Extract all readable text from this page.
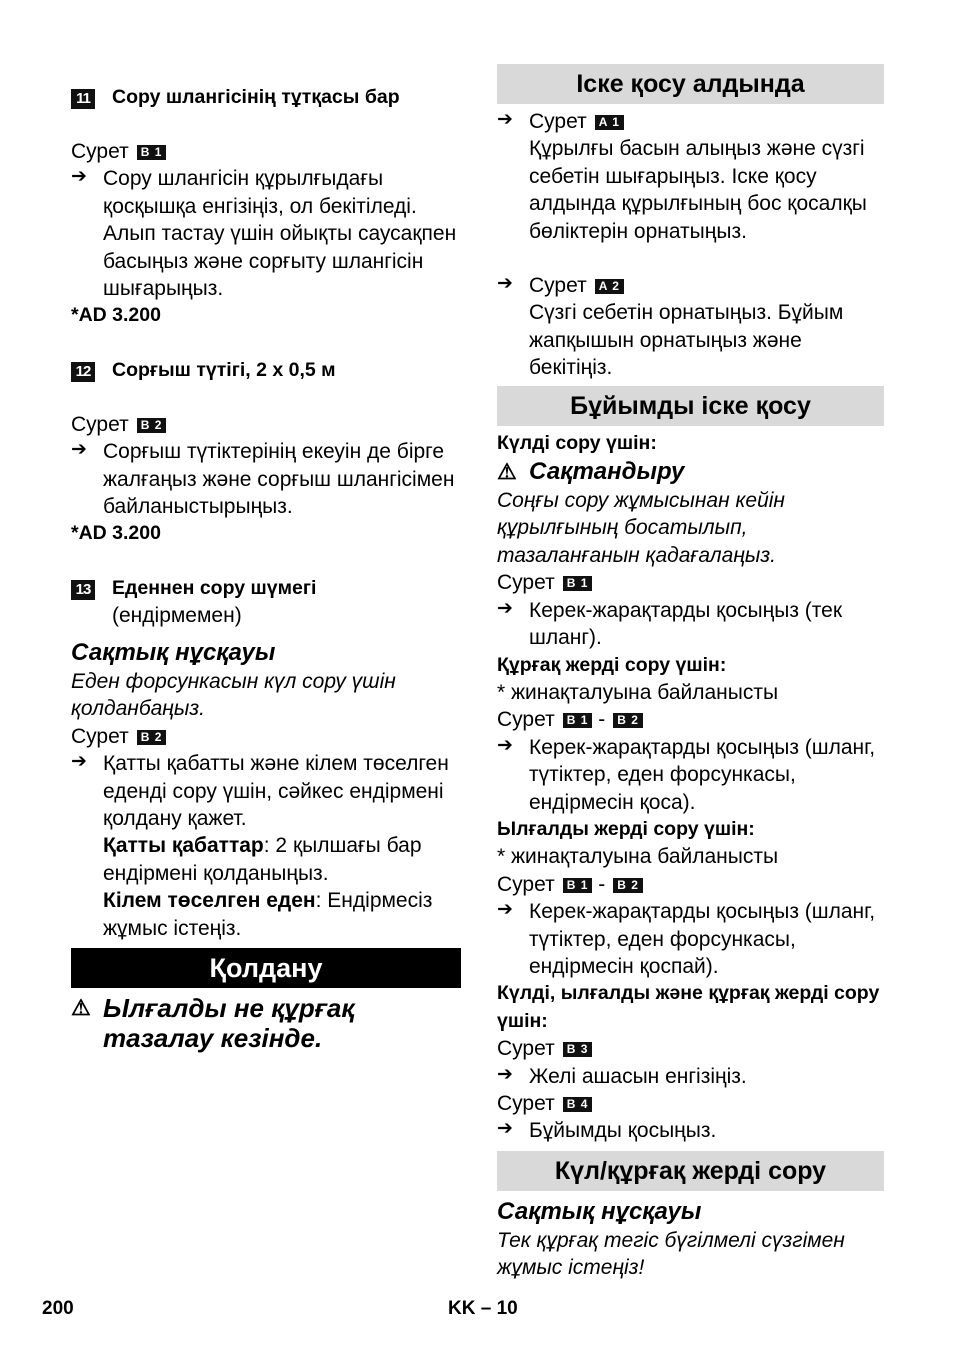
11 Сору шлангісінің тұтқасы бар

Сурет B 1

➔ Сору шлангісін құрылғыдағы қосқышқа енгізіңіз, ол бекітіледі. Алып тастау үшін ойықты саусақпен басыңыз және сорғыту шлангісін шығарыңыз.

*AD 3.200

12 Сорғыш түтігі, 2 x 0,5 м

Сурет B 2

➔ Сорғыш түтіктерінің екеуін де бірге жалғаңыз және сорғыш шлангісімен байланыстырыңыз.

*AD 3.200

13 Еденнен сору шүмегі
(ендірмемен)

Сақтық нұсқауы

Еден форсункасын күл сору үшін қолданбаңыз.

Сурет B 2

➔ Қатты қабатты және кілем төселген еденді сору үшін, сәйкес ендірмені қолдану қажет.

Қатты қабаттар: 2 қылшағы бар ендірмені қолданыңыз.

Кілем төселген еден: Ендірмесіз жұмыс істеңіз.

Қолдану

⚠ Ылғалды не құрғақ тазалау кезінде.

Іске қосу алдында

➔ Сурет A 1

Құрылғы басын алыңыз және сүзгі себетін шығарыңыз. Іске қосу алдында құрылғының бос қосалқы бөліктерін орнатыңыз.

➔ Сурет A 2

Сүзгі себетін орнатыңыз. Бұйым жапқышын орнатыңыз және бекітіңіз.

Бұйымды іске қосу

Күлді сору үшін:

⚠ Сақтандыру

Соңғы сору жұмысынан кейін құрылғының босатылып, тазаланғанын қадағалаңыз.

Сурет B 1

➔ Керек-жарақтарды қосыңыз (тек шланг).

Құрғақ жерді сору үшін:

* жинақталуына байланысты

Сурет B 1 - B 2

➔ Керек-жарақтарды қосыңыз (шланг, түтіктер, еден форсункасы, ендірмесін қоса).

Ылғалды жерді сору үшін:

* жинақталуына байланысты

Сурет B 1 - B 2

➔ Керек-жарақтарды қосыңыз (шланг, түтіктер, еден форсункасы, ендірмесін қоспай).

Күлді, ылғалды және құрғақ жерді сору үшін:

Сурет B 3

➔ Желі ашасын енгізіңіз.

Сурет B 4

➔ Бұйымды қосыңыз.

Күл/құрғақ жерді сору

Сақтық нұсқауы

Тек құрғақ тегіс бүгілмелі сүзгімен жұмыс істеңіз!

200	KK – 10
